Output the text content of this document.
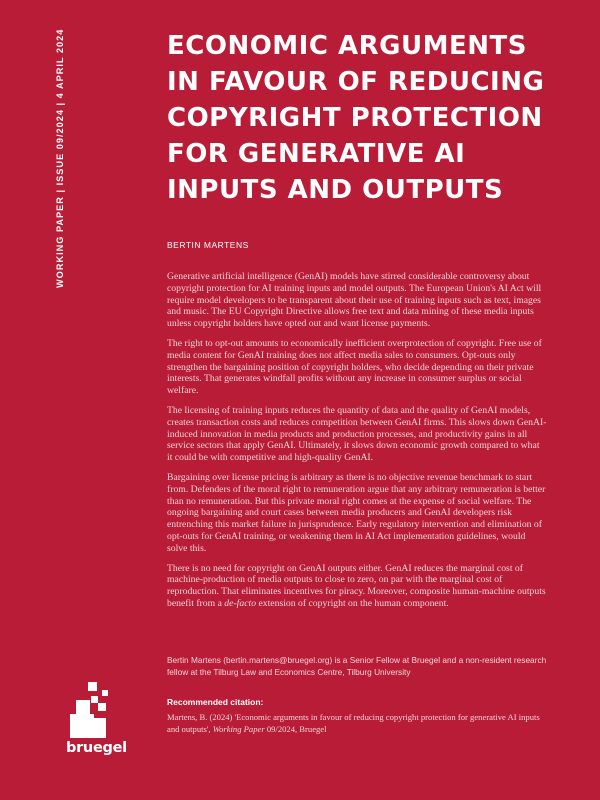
WORKING PAPER | ISSUE 09/2024 | 4 APRIL 2024	ECONOMIC ARGUMENTS IN FAVOUR OF REDUCING COPYRIGHT PROTECTION FOR GENERATIVE AI INPUTS AND OUTPUTS
BERTIN MARTENS

Generative artificial intelligence (GenAI) models have stirred considerable controversy about copyright protection for AI training inputs and model outputs. The European Union's AI Act will require model developers to be transparent about their use of training inputs such as text, images and music. The EU Copyright Directive allows free text and data mining of these media inputs unless copyright holders have opted out and want license payments.

The right to opt-out amounts to economically inefficient overprotection of copyright. Free use of media content for GenAI training does not affect media sales to consumers. Opt-outs only strengthen the bargaining position of copyright holders, who decide depending on their private interests. That generates windfall profits without any increase in consumer surplus or social welfare.

The licensing of training inputs reduces the quantity of data and the quality of GenAI models, creates transaction costs and reduces competition between GenAI firms. This slows down GenAI-induced innovation in media products and production processes, and productivity gains in all service sectors that apply GenAI. Ultimately, it slows down economic growth compared to what it could be with competitive and high-quality GenAI.

Bargaining over license pricing is arbitrary as there is no objective revenue benchmark to start from. Defenders of the moral right to remuneration argue that any arbitrary remuneration is better than no remuneration. But this private moral right comes at the expense of social welfare. The ongoing bargaining and court cases between media producers and GenAI developers risk entrenching this market failure in jurisprudence. Early regulatory intervention and elimination of opt-outs for GenAI training, or weakening them in AI Act implementation guidelines, would solve this.

There is no need for copyright on GenAI outputs either. GenAI reduces the marginal cost of machine-production of media outputs to close to zero, on par with the marginal cost of reproduction. That eliminates incentives for piracy. Moreover, composite human-machine outputs benefit from a de-facto extension of copyright on the human component.

Bertin Martens (bertin.martens@bruegel.org) is a Senior Fellow at Bruegel and a non-resident research fellow at the Tilburg Law and Economics Centre, Tilburg University

Recommended citation:

Martens, B. (2024) 'Economic arguments in favour of reducing copyright protection for generative AI inputs and outputs', Working Paper 09/2024, Bruegel

bruegel
